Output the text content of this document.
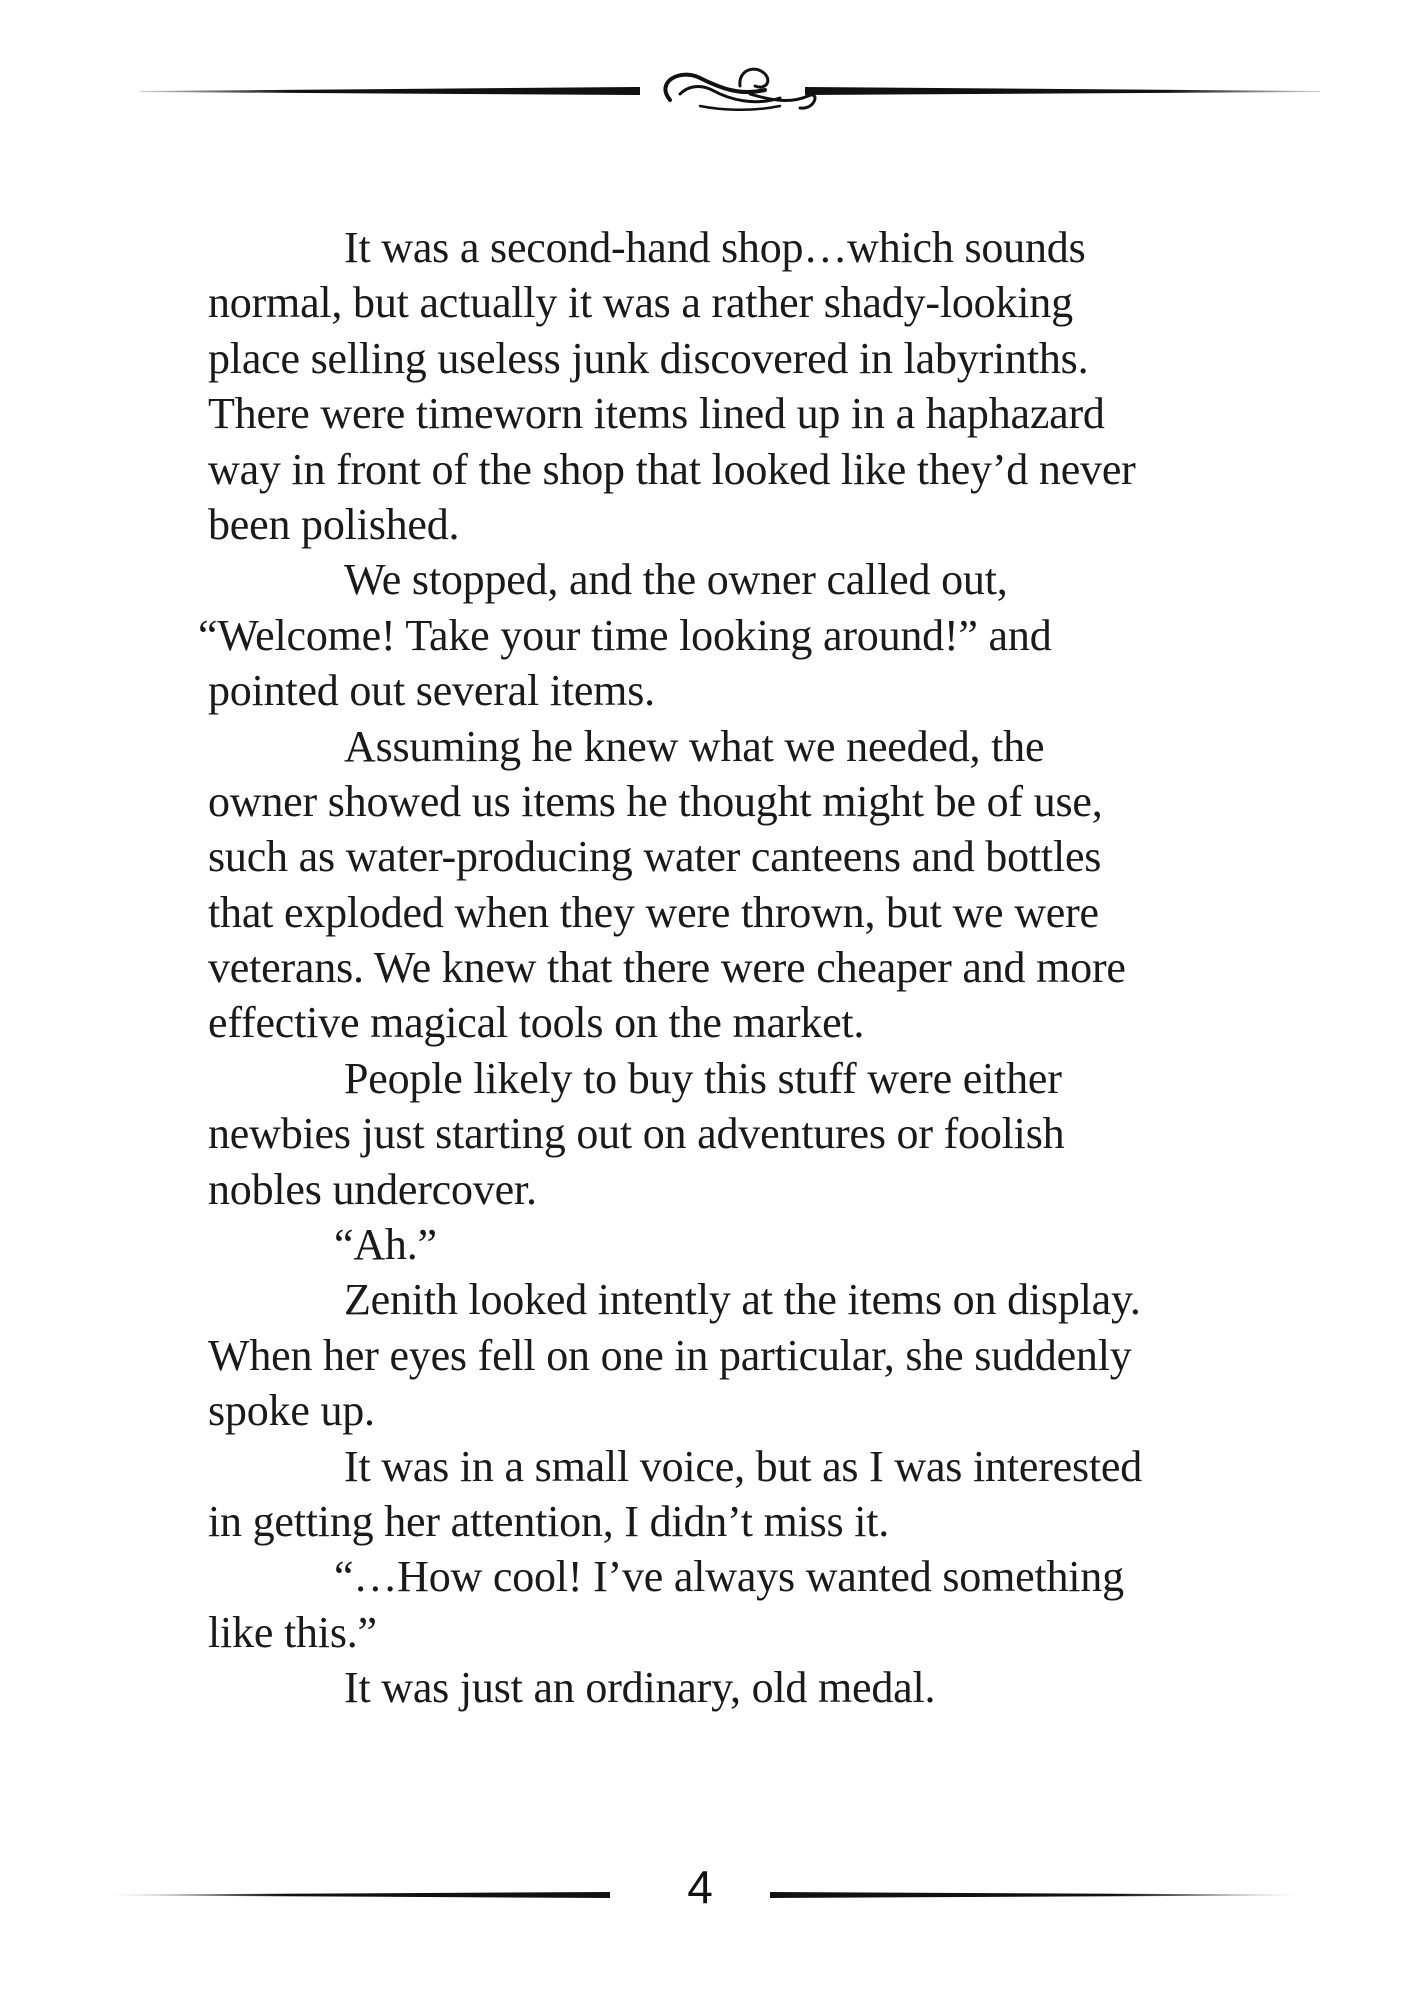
It was a second-hand shop…which sounds
normal, but actually it was a rather shady-looking
place selling useless junk discovered in labyrinths.
There were timeworn items lined up in a haphazard
way in front of the shop that looked like they’d never
been polished.
We stopped, and the owner called out,
“Welcome! Take your time looking around!” and
pointed out several items.
Assuming he knew what we needed, the
owner showed us items he thought might be of use,
such as water-producing water canteens and bottles
that exploded when they were thrown, but we were
veterans. We knew that there were cheaper and more
effective magical tools on the market.
People likely to buy this stuff were either
newbies just starting out on adventures or foolish
nobles undercover.
“Ah.”
Zenith looked intently at the items on display.
When her eyes fell on one in particular, she suddenly
spoke up.
It was in a small voice, but as I was interested
in getting her attention, I didn’t miss it.
“…How cool! I’ve always wanted something
like this.”
It was just an ordinary, old medal.
4
